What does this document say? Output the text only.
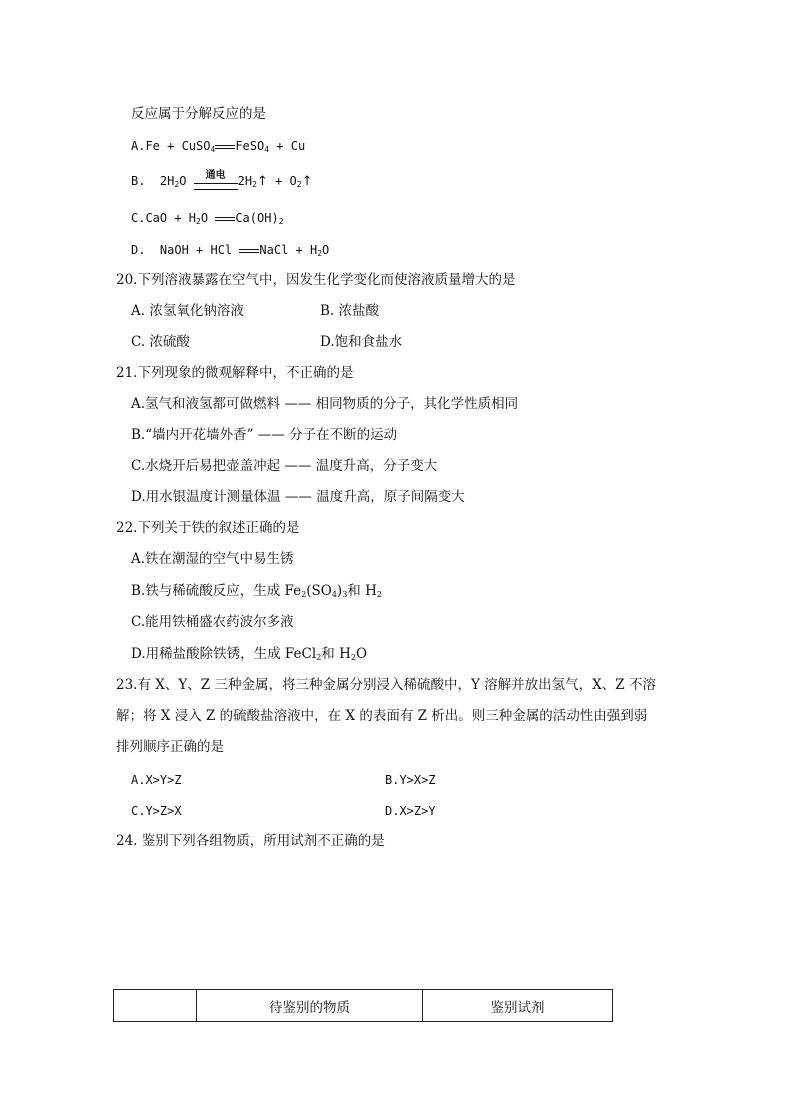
反应属于分解反应的是
A.Fe + CuSO$_4$ FeSO$_4$ + Cu
B. $2H_2O$	通电	$2H_2↑$ + $O_2↑$
$C.CaO + H_2O$ $Ca(OH)_2$
D. NaOH + HCl NaCl + $H_2O$
20.下列溶液暴露在空气中，因发生化学变化而使溶液质量增大的是
A. 浓氢氧化钠溶液	B. 浓盐酸
C. 浓硫酸	D.饱和食盐水
21.下列现象的微观解释中，不正确的是
A.氢气和液氢都可做燃料 —— 相同物质的分子，其化学性质相同
B.“墙内开花墙外香” —— 分子在不断的运动
C.水烧开后易把壶盖冲起 —— 温度升高，分子变大
D.用水银温度计测量体温 —— 温度升高，原子间隔变大
22.下列关于铁的叙述正确的是
A.铁在潮湿的空气中易生锈
B.铁与稀硫酸反应，生成 $Fe_2(SO_4)_3$和 $H_2$
C.能用铁桶盛农药波尔多液
D.用稀盐酸除铁锈，生成 FeCl$_2$和 $H_2O$
23.有 X、Y、Z 三种金属，将三种金属分别浸入稀硫酸中，Y 溶解并放出氢气，X、Z 不溶
解；将 X 浸入 Z 的硫酸盐溶液中，在 X 的表面有 Z 析出。则三种金属的活动性由强到弱
排列顺序正确的是
A.X>Y>Z	B.Y>X>Z
C.Y>Z>X	D.X>Z>Y
24. 鉴别下列各组物质，所用试剂不正确的是
	待鉴别的物质	鉴别试剂
